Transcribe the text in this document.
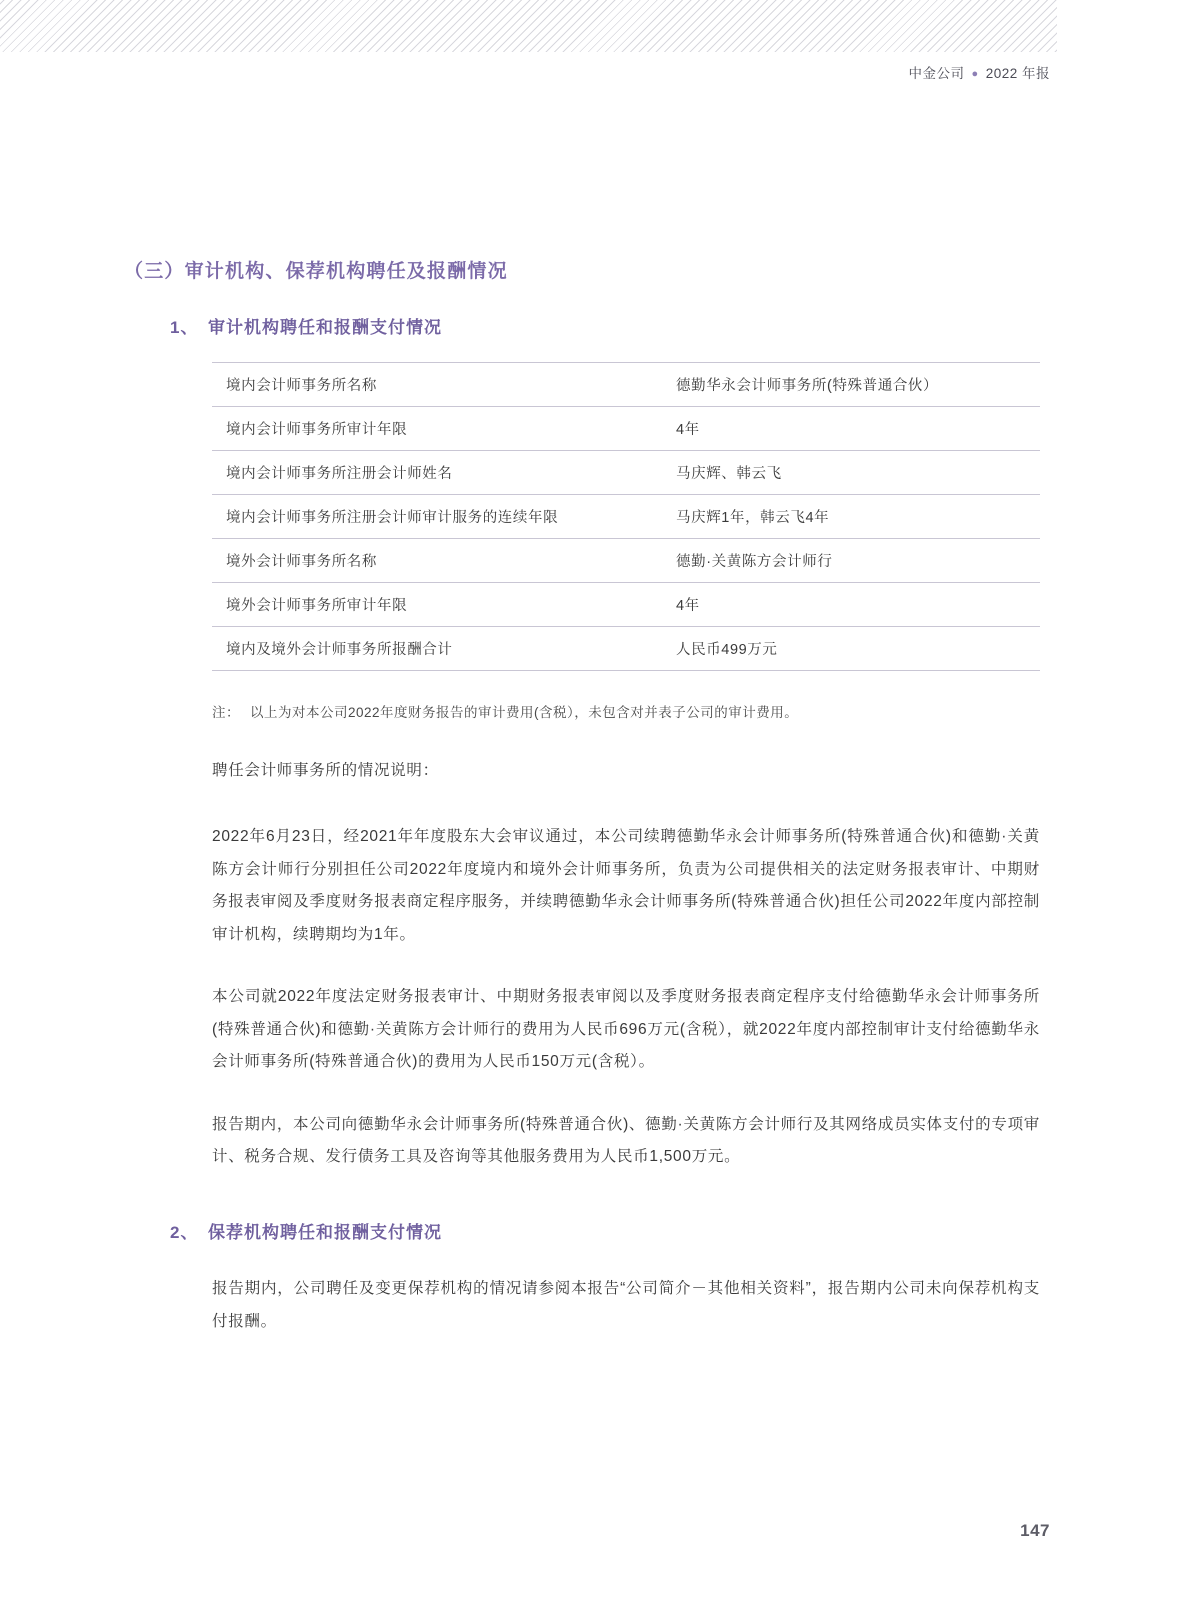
中金公司 ● 2022 年报
（三）审计机构、保荐机构聘任及报酬情况
1、 审计机构聘任和报酬支付情况
境内会计师事务所名称	德勤华永会计师事务所(特殊普通合伙）
境内会计师事务所审计年限	4年
境内会计师事务所注册会计师姓名	马庆辉、韩云飞
境内会计师事务所注册会计师审计服务的连续年限	马庆辉1年，韩云飞4年
境外会计师事务所名称	德勤·关黄陈方会计师行
境外会计师事务所审计年限	4年
境内及境外会计师事务所报酬合计	人民币499万元
注： 以上为对本公司2022年度财务报告的审计费用(含税），未包含对并表子公司的审计费用。

聘任会计师事务所的情况说明：

2022年6月23日，经2021年年度股东大会审议通过，本公司续聘德勤华永会计师事务所(特殊普通合伙)和德勤·关黄陈方会计师行分别担任公司2022年度境内和境外会计师事务所，负责为公司提供相关的法定财务报表审计、中期财务报表审阅及季度财务报表商定程序服务，并续聘德勤华永会计师事务所(特殊普通合伙)担任公司2022年度内部控制审计机构，续聘期均为1年。

本公司就2022年度法定财务报表审计、中期财务报表审阅以及季度财务报表商定程序支付给德勤华永会计师事务所(特殊普通合伙)和德勤·关黄陈方会计师行的费用为人民币696万元(含税），就2022年度内部控制审计支付给德勤华永会计师事务所(特殊普通合伙)的费用为人民币150万元(含税）。

报告期内，本公司向德勤华永会计师事务所(特殊普通合伙)、德勤·关黄陈方会计师行及其网络成员实体支付的专项审计、税务合规、发行债务工具及咨询等其他服务费用为人民币1,500万元。

2、 保荐机构聘任和报酬支付情况

报告期内，公司聘任及变更保荐机构的情况请参阅本报告“公司简介－其他相关资料”，报告期内公司未向保荐机构支付报酬。

147
